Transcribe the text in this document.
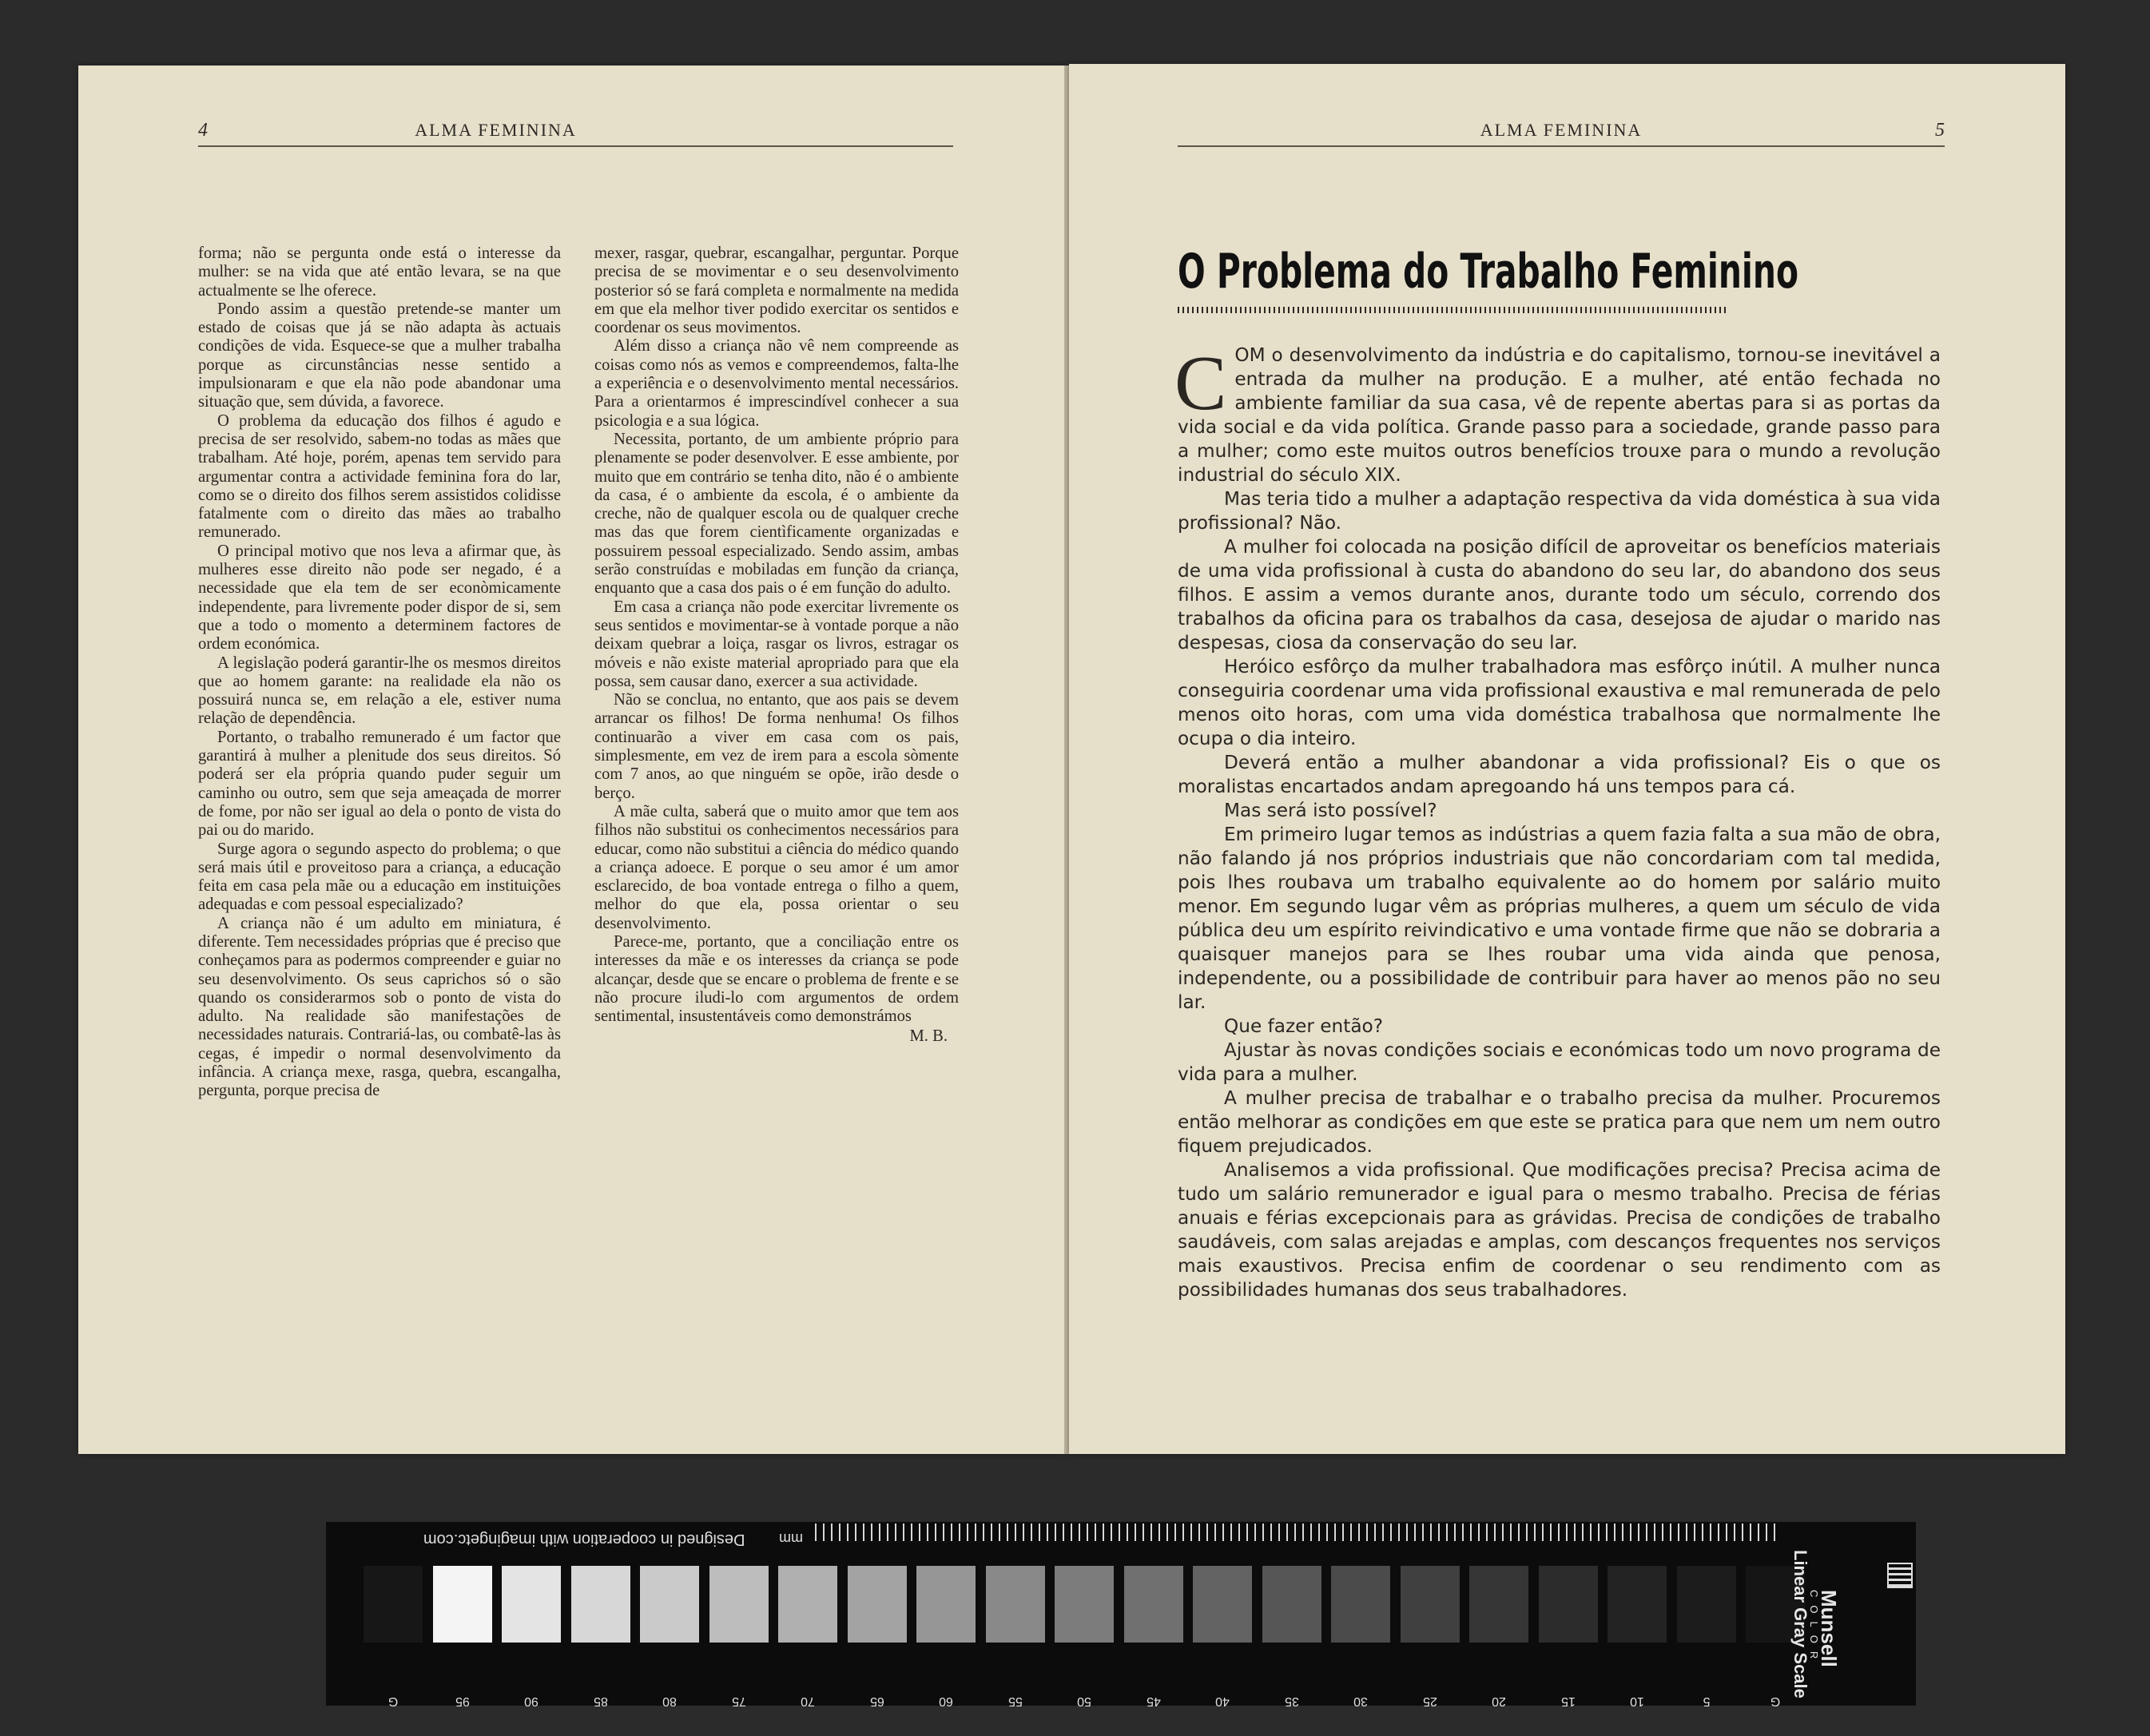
4	ALMA FEMININA

forma; não se pergunta onde está o interesse da mulher: se na vida que até então levara, se na que actualmente se lhe oferece.

Pondo assim a questão pretende-se manter um estado de coisas que já se não adapta às actuais condições de vida. Esquece-se que a mulher trabalha porque as circunstâncias nesse sentido a impulsionaram e que ela não pode abandonar uma situação que, sem dúvida, a favorece.

O problema da educação dos filhos é agudo e precisa de ser resolvido, sabem-no todas as mães que trabalham. Até hoje, porém, apenas tem servido para argumentar contra a actividade feminina fora do lar, como se o direito dos filhos serem assistidos colidisse fatalmente com o direito das mães ao trabalho remunerado.

O principal motivo que nos leva a afirmar que, às mulheres esse direito não pode ser negado, é a necessidade que ela tem de ser econòmicamente independente, para livremente poder dispor de si, sem que a todo o momento a determinem factores de ordem económica.

A legislação poderá garantir-lhe os mesmos direitos que ao homem garante: na realidade ela não os possuirá nunca se, em relação a ele, estiver numa relação de dependência.

Portanto, o trabalho remunerado é um factor que garantirá à mulher a plenitude dos seus direitos. Só poderá ser ela própria quando puder seguir um caminho ou outro, sem que seja ameaçada de morrer de fome, por não ser igual ao dela o ponto de vista do pai ou do marido.

Surge agora o segundo aspecto do problema; o que será mais útil e proveitoso para a criança, a educação feita em casa pela mãe ou a educação em instituições adequadas e com pessoal especializado?

A criança não é um adulto em miniatura, é diferente. Tem necessidades próprias que é preciso que conheçamos para as podermos compreender e guiar no seu desenvolvimento. Os seus caprichos só o são quando os considerarmos sob o ponto de vista do adulto. Na realidade são manifestações de necessidades naturais. Contrariá-las, ou combatê-las às cegas, é impedir o normal desenvolvimento da infância. A criança mexe, rasga, quebra, escangalha, pergunta, porque precisa de

mexer, rasgar, quebrar, escangalhar, perguntar. Porque precisa de se movimentar e o seu desenvolvimento posterior só se fará completa e normalmente na medida em que ela melhor tiver podido exercitar os sentidos e coordenar os seus movimentos.

Além disso a criança não vê nem compreende as coisas como nós as vemos e compreendemos, falta-lhe a experiência e o desenvolvimento mental necessários. Para a orientarmos é imprescindível conhecer a sua psicologia e a sua lógica.

Necessita, portanto, de um ambiente próprio para plenamente se poder desenvolver. E esse ambiente, por muito que em contrário se tenha dito, não é o ambiente da casa, é o ambiente da escola, é o ambiente da creche, não de qualquer escola ou de qualquer creche mas das que forem cientìficamente organizadas e possuirem pessoal especializado. Sendo assim, ambas serão construídas e mobiladas em função da criança, enquanto que a casa dos pais o é em função do adulto.

Em casa a criança não pode exercitar livremente os seus sentidos e movimentar-se à vontade porque a não deixam quebrar a loiça, rasgar os livros, estragar os móveis e não existe material apropriado para que ela possa, sem causar dano, exercer a sua actividade.

Não se conclua, no entanto, que aos pais se devem arrancar os filhos! De forma nenhuma! Os filhos continuarão a viver em casa com os pais, simplesmente, em vez de irem para a escola sòmente com 7 anos, ao que ninguém se opõe, irão desde o berço.

A mãe culta, saberá que o muito amor que tem aos filhos não substitui os conhecimentos necessários para educar, como não substitui a ciência do médico quando a criança adoece. E porque o seu amor é um amor esclarecido, de boa vontade entrega o filho a quem, melhor do que ela, possa orientar o seu desenvolvimento.

Parece-me, portanto, que a conciliação entre os interesses da mãe e os interesses da criança se pode alcançar, desde que se encare o problema de frente e se não procure iludi-lo com argumentos de ordem sentimental, insustentáveis como demonstrámos

M. B.
ALMA FEMININA	5
O Problema do Trabalho Feminino

COM o desenvolvimento da indústria e do capitalismo, tornou-se inevitável a entrada da mulher na produção. E a mulher, até então fechada no ambiente familiar da sua casa, vê de repente abertas para si as portas da vida social e da vida política. Grande passo para a sociedade, grande passo para a mulher; como este muitos outros benefícios trouxe para o mundo a revolução industrial do século XIX.

Mas teria tido a mulher a adaptação respectiva da vida doméstica à sua vida profissional? Não.

A mulher foi colocada na posição difícil de aproveitar os benefícios materiais de uma vida profissional à custa do abandono do seu lar, do abandono dos seus filhos. E assim a vemos durante anos, durante todo um século, correndo dos trabalhos da oficina para os trabalhos da casa, desejosa de ajudar o marido nas despesas, ciosa da conservação do seu lar.

Heróico esfôrço da mulher trabalhadora mas esfôrço inútil. A mulher nunca conseguiria coordenar uma vida profissional exaustiva e mal remunerada de pelo menos oito horas, com uma vida doméstica trabalhosa que normalmente lhe ocupa o dia inteiro.

Deverá então a mulher abandonar a vida profissional? Eis o que os moralistas encartados andam apregoando há uns tempos para cá.

Mas será isto possível?

Em primeiro lugar temos as indústrias a quem fazia falta a sua mão de obra, não falando já nos próprios industriais que não concordariam com tal medida, pois lhes roubava um trabalho equivalente ao do homem por salário muito menor. Em segundo lugar vêm as próprias mulheres, a quem um século de vida pública deu um espírito reivindicativo e uma vontade firme que não se dobraria a quaisquer manejos para se lhes roubar uma vida ainda que penosa, independente, ou a possibilidade de contribuir para haver ao menos pão no seu lar.

Que fazer então?

Ajustar às novas condições sociais e económicas todo um novo programa de vida para a mulher.

A mulher precisa de trabalhar e o trabalho precisa da mulher. Procuremos então melhorar as condições em que este se pratica para que nem um nem outro fiquem prejudicados.

Analisemos a vida profissional. Que modificações precisa? Precisa acima de tudo um salário remunerador e igual para o mesmo trabalho. Precisa de férias anuais e férias excepcionais para as grávidas. Precisa de condições de trabalho saudáveis, com salas arejadas e amplas, com descanços frequentes nos serviços mais exaustivos. Precisa enfim de coordenar o seu rendimento com as possibilidades humanas dos seus trabalhadores.

Designed in cooperation with imagingetc.com mm
G	95	90	85	80	75	70	65	60	55	50	45	40	35	30	25	20	15	10	5	G
Munsell
COLOR
Linear Gray Scale
